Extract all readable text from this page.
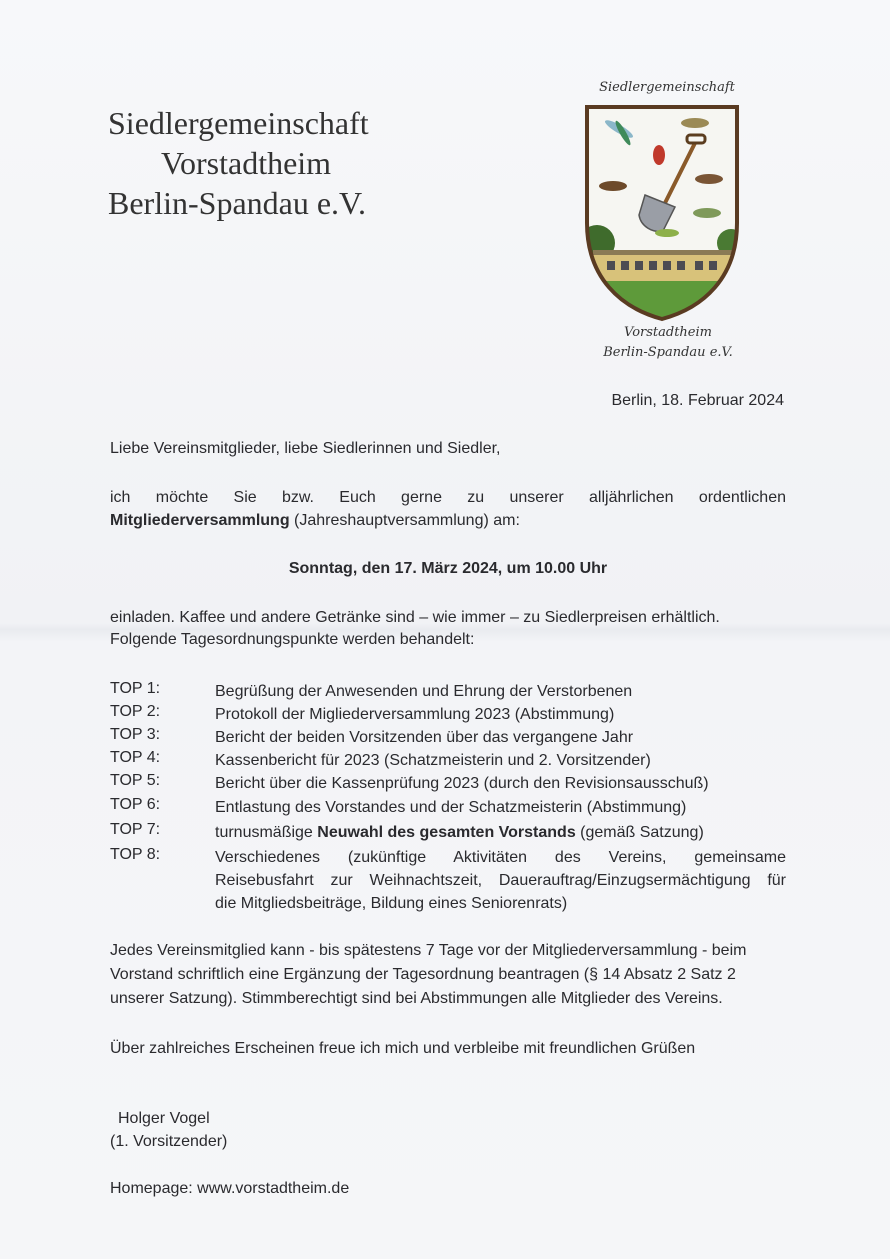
Siedlergemeinschaft
Vorstadtheim
Berlin-Spandau e.V.
Siedlergemeinschaft
Vorstadtheim
Berlin-Spandau e.V.
Berlin, 18. Februar 2024
Liebe Vereinsmitglieder, liebe Siedlerinnen und Siedler,
ich möchte Sie bzw. Euch gerne zu unserer alljährlichen ordentlichen
Mitgliederversammlung (Jahreshauptversammlung) am:
Sonntag, den 17. März 2024, um 10.00 Uhr
einladen. Kaffee und andere Getränke sind – wie immer – zu Siedlerpreisen erhältlich.
Folgende Tagesordnungspunkte werden behandelt:
TOP 1:	Begrüßung der Anwesenden und Ehrung der Verstorbenen
TOP 2:	Protokoll der Migliederversammlung 2023 (Abstimmung)
TOP 3:	Bericht der beiden Vorsitzenden über das vergangene Jahr
TOP 4:	Kassenbericht für 2023 (Schatzmeisterin und 2. Vorsitzender)
TOP 5:	Bericht über die Kassenprüfung 2023 (durch den Revisionsausschuß)
TOP 6:	Entlastung des Vorstandes und der Schatzmeisterin (Abstimmung)
TOP 7:	turnusmäßige Neuwahl des gesamten Vorstands (gemäß Satzung)
TOP 8:	Verschiedenes (zukünftige Aktivitäten des Vereins, gemeinsame
Reisebusfahrt zur Weihnachtszeit, Dauerauftrag/Einzugsermächtigung für
die Mitgliedsbeiträge, Bildung eines Seniorenrats)
Jedes Vereinsmitglied kann - bis spätestens 7 Tage vor der Mitgliederversammlung - beim
Vorstand schriftlich eine Ergänzung der Tagesordnung beantragen (§ 14 Absatz 2 Satz 2
unserer Satzung). Stimmberechtigt sind bei Abstimmungen alle Mitglieder des Vereins.
Über zahlreiches Erscheinen freue ich mich und verbleibe mit freundlichen Grüßen
Holger Vogel
(1. Vorsitzender)
Homepage: www.vorstadtheim.de
